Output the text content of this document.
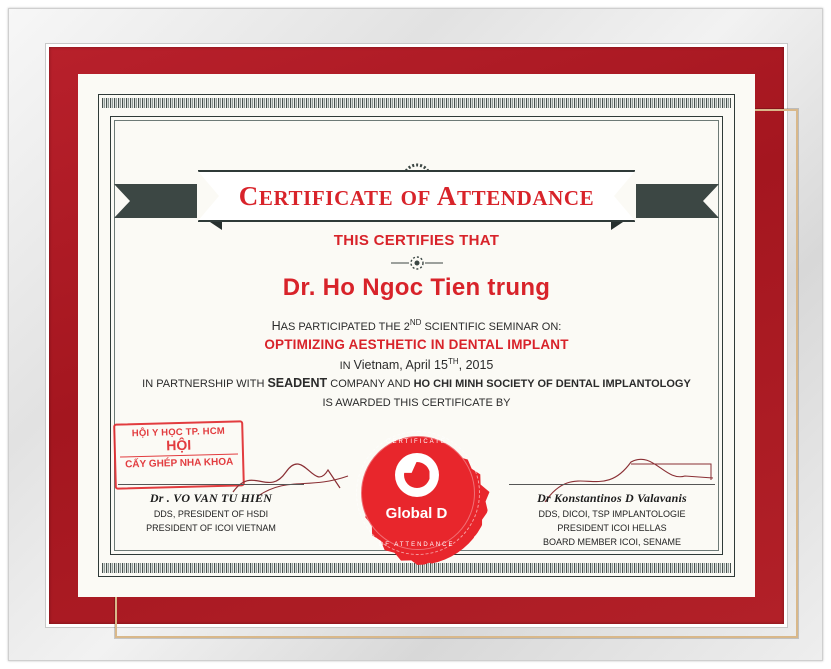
CERTIFICATE OF ATTENDANCE
THIS CERTIFIES THAT
Dr. Ho Ngoc Tien trung
HAS PARTICIPATED THE 2ND SCIENTIFIC SEMINAR ON:
OPTIMIZING AESTHETIC IN DENTAL IMPLANT
IN Vietnam, April 15TH, 2015
IN PARTNERSHIP WITH SEADENT COMPANY AND HO CHI MINH SOCIETY OF DENTAL IMPLANTOLOGY
IS AWARDED THIS CERTIFICATE BY
CERTIFICATE
Global D
OF ATTENDANCE
HỘI Y HỌC TP. HCM
HỘI
CẤY GHÉP NHA KHOA
Dr . VO VAN TU HIEN
DDS, PRESIDENT OF HSDI
PRESIDENT OF ICOI VIETNAM
Dr Konstantinos D Valavanis
DDS, DICOI, TSP IMPLANTOLOGIE
PRESIDENT ICOI HELLAS
BOARD MEMBER ICOI, SENAME
